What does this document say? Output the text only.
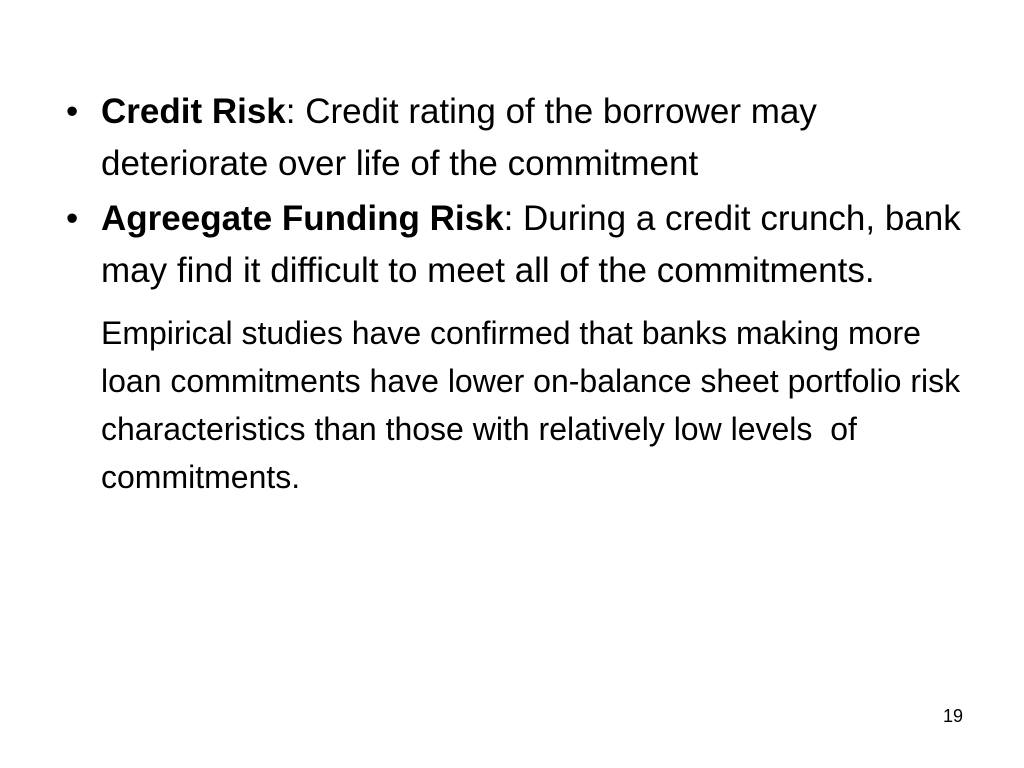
• Credit Risk: Credit rating of the borrower may deteriorate over life of the commitment
• Agreegate Funding Risk: During a credit crunch, bank may find it difficult to meet all of the commitments.
Empirical studies have confirmed that banks making more loan commitments have lower on-balance sheet portfolio risk characteristics than those with relatively low levels  of commitments.
19
